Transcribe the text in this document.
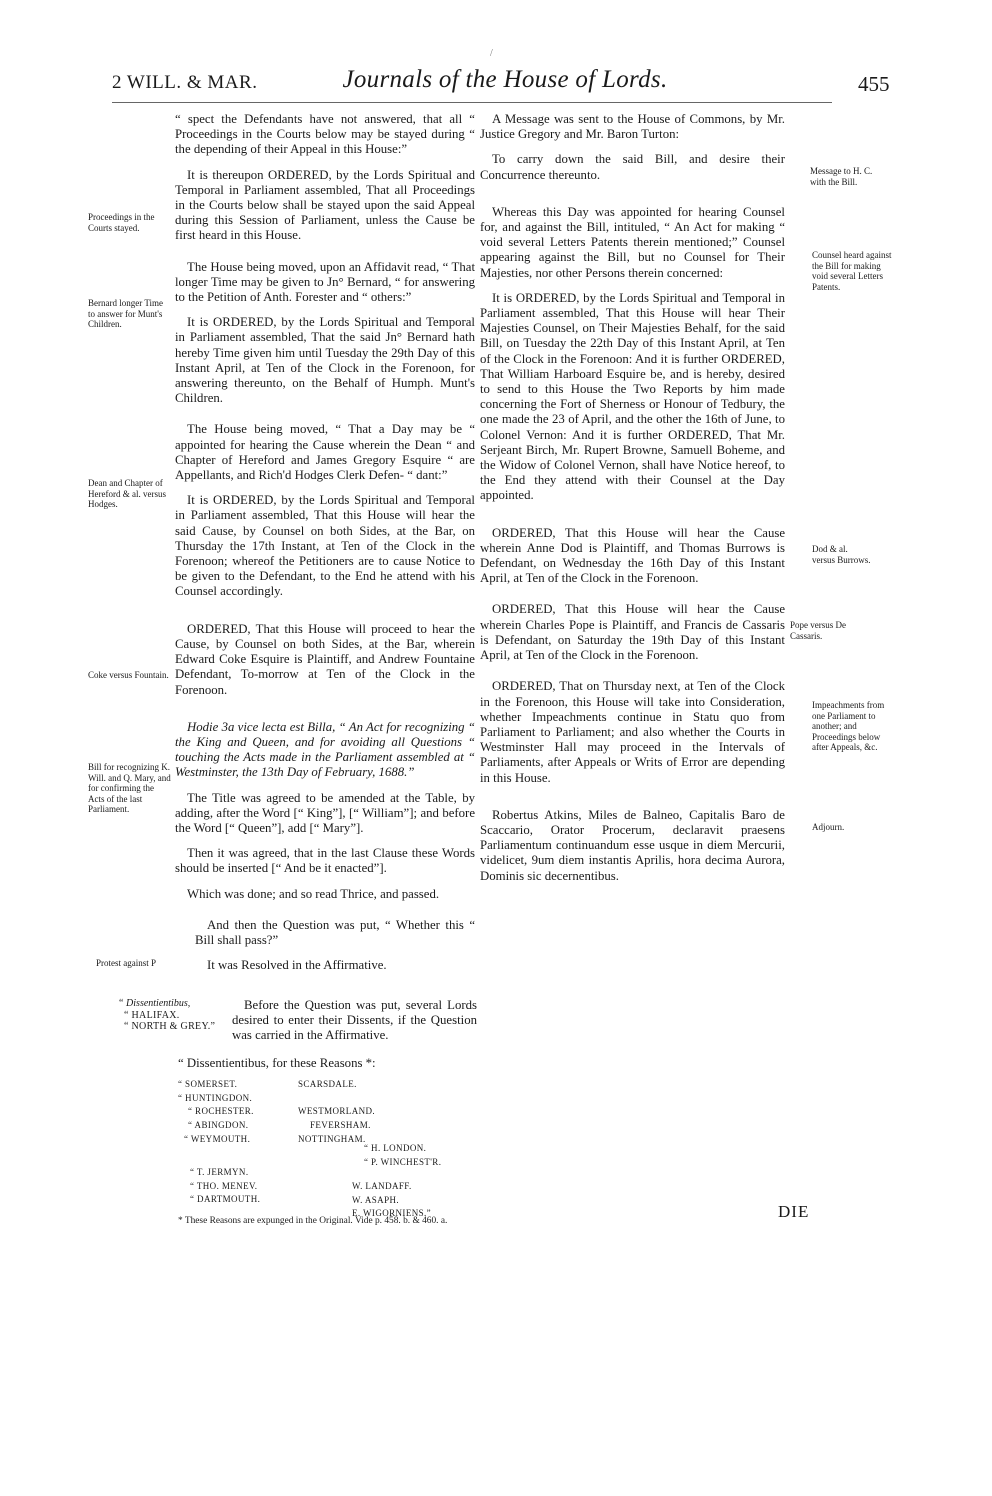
/
2 WILL. & MAR.	Journals of the House of Lords.	455
Proceedings in the Courts stayed.
Bernard longer Time to answer for Munt's Children.
Dean and Chapter of Hereford & al. versus Hodges.
Coke versus Fountain.
Bill for recognizing K. Will. and Q. Mary, and for confirming the Acts of the last Parliament.
Protest against P

“ spect the Defendants have not answered, that all “ Proceedings in the Courts below may be stayed during “ the depending of their Appeal in this House:”

It is thereupon ORDERED, by the Lords Spiritual and Temporal in Parliament assembled, That all Proceedings in the Courts below shall be stayed upon the said Appeal during this Session of Parliament, unless the Cause be first heard in this House.

The House being moved, upon an Affidavit read, “ That longer Time may be given to Jn° Bernard, “ for answering to the Petition of Anth. Forester and “ others:”

It is ORDERED, by the Lords Spiritual and Temporal in Parliament assembled, That the said Jn° Bernard hath hereby Time given him until Tuesday the 29th Day of this Instant April, at Ten of the Clock in the Forenoon, for answering thereunto, on the Behalf of Humph. Munt's Children.

The House being moved, “ That a Day may be “ appointed for hearing the Cause wherein the Dean “ and Chapter of Hereford and James Gregory Esquire “ are Appellants, and Rich'd Hodges Clerk Defen- “ dant:”

It is ORDERED, by the Lords Spiritual and Temporal in Parliament assembled, That this House will hear the said Cause, by Counsel on both Sides, at the Bar, on Thursday the 17th Instant, at Ten of the Clock in the Forenoon; whereof the Petitioners are to cause Notice to be given to the Defendant, to the End he attend with his Counsel accordingly.

ORDERED, That this House will proceed to hear the Cause, by Counsel on both Sides, at the Bar, wherein Edward Coke Esquire is Plaintiff, and Andrew Fountaine Defendant, To-morrow at Ten of the Clock in the Forenoon.

Hodie 3a vice lecta est Billa, “ An Act for recognizing “ the King and Queen, and for avoiding all Questions “ touching the Acts made in the Parliament assembled at “ Westminster, the 13th Day of February, 1688.”

The Title was agreed to be amended at the Table, by adding, after the Word [“ King”], [“ William”]; and before the Word [“ Queen”], add [“ Mary”].

Then it was agreed, that in the last Clause these Words should be inserted [“ And be it enacted”].

Which was done; and so read Thrice, and passed.

And then the Question was put, “ Whether this “ Bill shall pass?”

It was Resolved in the Affirmative.

“ Dissentientibus,
“ HALIFAX.
“ NORTH & GREY.”
Before the Question was put, several Lords desired to enter their Dissents, if the Question was carried in the Affirmative.
“ Dissentientibus, for these Reasons *:
“ SOMERSET.
“ HUNTINGDON.
“ ROCHESTER.
“ ABINGDON.
“ WEYMOUTH.
SCARSDALE.

WESTMORLAND.
FEVERSHAM.
NOTTINGHAM.
“ H. LONDON.
“ P. WINCHEST'R.
“ T. JERMYN.
“ THO. MENEV.
“ DARTMOUTH.
W. LANDAFF.
W. ASAPH.
E. WIGORNIENS.”
* These Reasons are expunged in the Original. Vide p. 458. b. & 460. a.
Message to H. C. with the Bill.
Counsel heard against the Bill for making void several Letters Patents.
Dod & al. versus Burrows.
Pope versus De Cassaris.
Impeachments from one Parliament to another; and Proceedings below after Appeals, &c.
Adjourn.

A Message was sent to the House of Commons, by Mr. Justice Gregory and Mr. Baron Turton:

To carry down the said Bill, and desire their Concurrence thereunto.

Whereas this Day was appointed for hearing Counsel for, and against the Bill, intituled, “ An Act for making “ void several Letters Patents therein mentioned;” Counsel appearing against the Bill, but no Counsel for Their Majesties, nor other Persons therein concerned:

It is ORDERED, by the Lords Spiritual and Temporal in Parliament assembled, That this House will hear Their Majesties Counsel, on Their Majesties Behalf, for the said Bill, on Tuesday the 22th Day of this Instant April, at Ten of the Clock in the Forenoon: And it is further ORDERED, That William Harboard Esquire be, and is hereby, desired to send to this House the Two Reports by him made concerning the Fort of Sherness or Honour of Tedbury, the one made the 23 of April, and the other the 16th of June, to Colonel Vernon: And it is further ORDERED, That Mr. Serjeant Birch, Mr. Rupert Browne, Samuell Boheme, and the Widow of Colonel Vernon, shall have Notice hereof, to the End they attend with their Counsel at the Day appointed.

ORDERED, That this House will hear the Cause wherein Anne Dod is Plaintiff, and Thomas Burrows is Defendant, on Wednesday the 16th Day of this Instant April, at Ten of the Clock in the Forenoon.

ORDERED, That this House will hear the Cause wherein Charles Pope is Plaintiff, and Francis de Cassaris is Defendant, on Saturday the 19th Day of this Instant April, at Ten of the Clock in the Forenoon.

ORDERED, That on Thursday next, at Ten of the Clock in the Forenoon, this House will take into Consideration, whether Impeachments continue in Statu quo from Parliament to Parliament; and also whether the Courts in Westminster Hall may proceed in the Intervals of Parliaments, after Appeals or Writs of Error are depending in this House.

Robertus Atkins, Miles de Balneo, Capitalis Baro de Scaccario, Orator Procerum, declaravit praesens Parliamentum continuandum esse usque in diem Mercurii, videlicet, 9um diem instantis Aprilis, hora decima Aurora, Dominis sic decernentibus.

DIE
